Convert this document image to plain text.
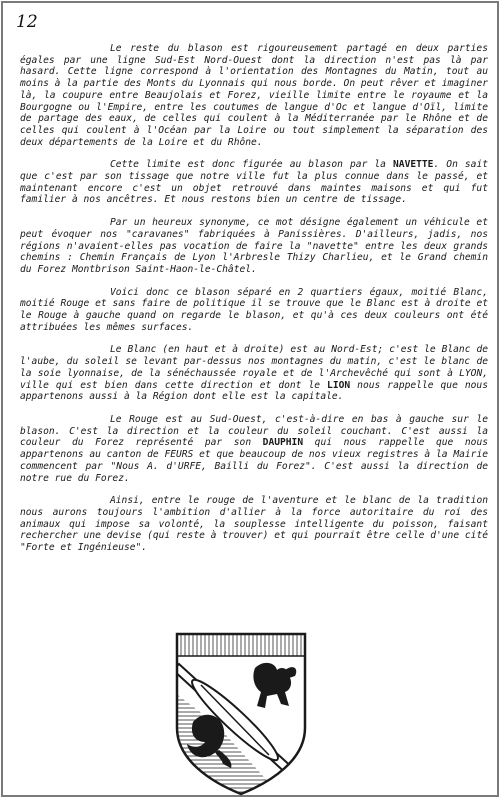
12

Le reste du blason est rigoureusement partagé en deux parties égales par une ligne Sud-Est Nord-Ouest dont la direction n'est pas là par hasard. Cette ligne correspond à l'orientation des Montagnes du Matin, tout au moins à la partie des Monts du Lyonnais qui nous borde. On peut rêver et imaginer là, la coupure entre Beaujolais et Forez, vieille limite entre le royaume et la Bourgogne ou l'Empire, entre les coutumes de langue d'Oc et langue d'Oïl, limite de partage des eaux, de celles qui coulent à la Méditerranée par le Rhône et de celles qui coulent à l'Océan par la Loire ou tout simplement la séparation des deux départements de la Loire et du Rhône.

Cette limite est donc figurée au blason par la NAVETTE. On sait que c'est par son tissage que notre ville fut la plus connue dans le passé, et maintenant encore c'est un objet retrouvé dans maintes maisons et qui fut familier à nos ancêtres. Et nous restons bien un centre de tissage.

Par un heureux synonyme, ce mot désigne également un véhicule et peut évoquer nos "caravanes" fabriquées à Panissières. D'ailleurs, jadis, nos régions n'avaient-elles pas vocation de faire la "navette" entre les deux grands chemins : Chemin Français de Lyon l'Arbresle Thizy Charlieu, et le Grand chemin du Forez Montbrison Saint-Haon-le-Châtel.

Voici donc ce blason séparé en 2 quartiers égaux, moitié Blanc, moitié Rouge et sans faire de politique il se trouve que le Blanc est à droite et le Rouge à gauche quand on regarde le blason, et qu'à ces deux couleurs ont été attribuées les mêmes surfaces.

Le Blanc (en haut et à droite) est au Nord-Est; c'est le Blanc de l'aube, du soleil se levant par-dessus nos montagnes du matin, c'est le blanc de la soie lyonnaise, de la sénéchaussée royale et de l'Archevêché qui sont à LYON, ville qui est bien dans cette direction et dont le LION nous rappelle que nous appartenons aussi à la Région dont elle est la capitale.

Le Rouge est au Sud-Ouest, c'est-à-dire en bas à gauche sur le blason. C'est la direction et la couleur du soleil couchant. C'est aussi la couleur du Forez représenté par son DAUPHIN qui nous rappelle que nous appartenons au canton de FEURS et que beaucoup de nos vieux registres à la Mairie commencent par "Nous A. d'URFE, Bailli du Forez". C'est aussi la direction de notre rue du Forez.

Ainsi, entre le rouge de l'aventure et le blanc de la tradition nous aurons toujours l'ambition d'allier à la force autoritaire du roi des animaux qui impose sa volonté, la souplesse intelligente du poisson, faisant rechercher une devise (qui reste à trouver) et qui pourrait être celle d'une cité "Forte et Ingénieuse".
